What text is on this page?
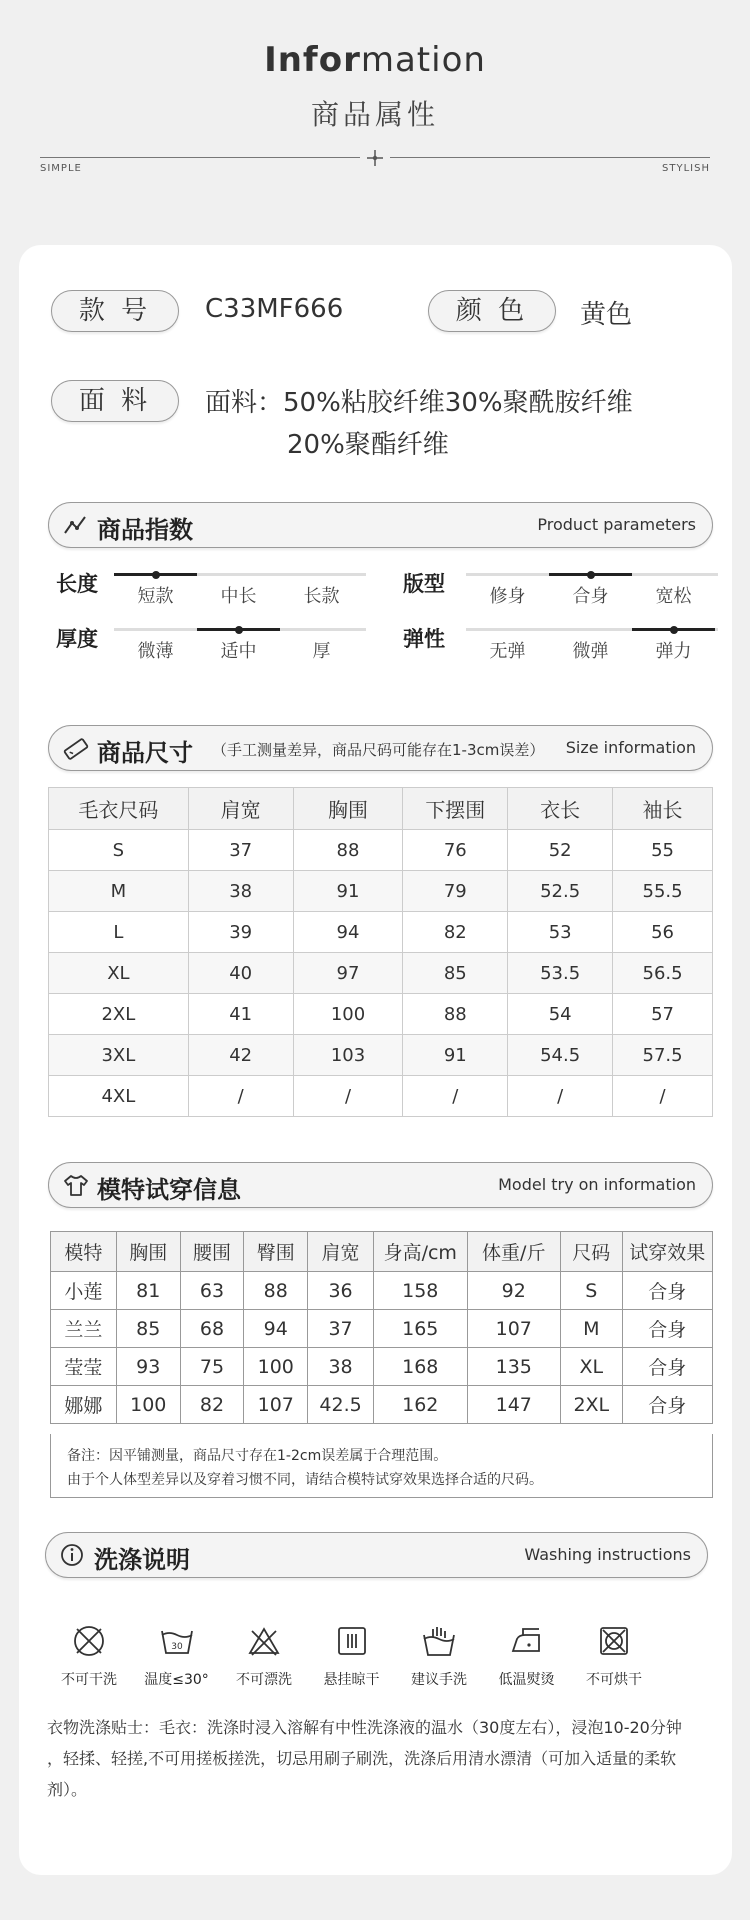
Information
商品属性
SIMPLE	STYLISH
款 号	C33MF666	颜 色	黄色
面 料	面料：50%粘胶纤维30%聚酰胺纤维
20%聚酯纤维
商品指数	Product parameters
长度
短款	中长	长款
厚度
微薄	适中	厚
版型
修身	合身	宽松
弹性
无弹	微弹	弹力
商品尺寸 （手工测量差异，商品尺码可能存在1-3cm误差） Size information
毛衣尺码	肩宽	胸围	下摆围	衣长	袖长
S	37	88	76	52	55
M	38	91	79	52.5	55.5
L	39	94	82	53	56
XL	40	97	85	53.5	56.5
2XL	41	100	88	54	57
3XL	42	103	91	54.5	57.5
4XL	/	/	/	/	/
模特试穿信息	Model try on information
模特	胸围	腰围	臀围	肩宽	身高/cm	体重/斤	尺码	试穿效果
小莲	81	63	88	36	158	92	S	合身
兰兰	85	68	94	37	165	107	M	合身
莹莹	93	75	100	38	168	135	XL	合身
娜娜	100	82	107	42.5	162	147	2XL	合身
备注：因平铺测量，商品尺寸存在1-2cm误差属于合理范围。
由于个人体型差异以及穿着习惯不同，请结合模特试穿效果选择合适的尺码。
洗涤说明	Washing instructions
不可干洗
30
温度≤30°	不可漂洗	悬挂晾干	建议手洗	低温熨烫	不可烘干
衣物洗涤贴士：毛衣：洗涤时浸入溶解有中性洗涤液的温水（30度左右），浸泡10-20分钟
，轻揉、轻搓,不可用搓板搓洗，切忌用刷子刷洗，洗涤后用清水漂清（可加入适量的柔软
剂）。
